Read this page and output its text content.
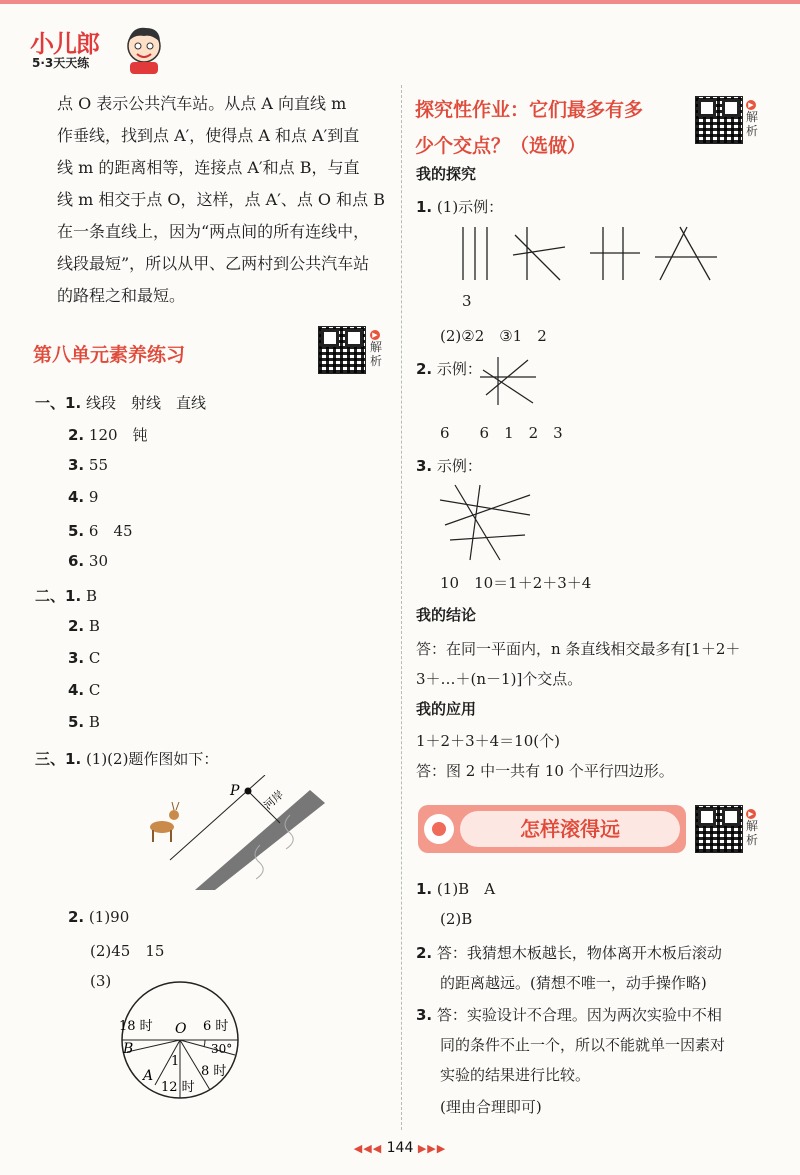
小儿郎
5·3天天练
点 O 表示公共汽车站。从点 A 向直线 m
作垂线，找到点 A′，使得点 A 和点 A′到直
线 m 的距离相等，连接点 A′和点 B，与直
线 m 相交于点 O，这样，点 A′、点 O 和点 B
在一条直线上，因为“两点间的所有连线中，
线段最短”，所以从甲、乙两村到公共汽车站
的路程之和最短。
第八单元素养练习
▶解析
一、1. 线段　射线　直线
2. 120　钝
3. 55
4. 9
5. 6　45
6. 30
二、1. B
2. B
3. C
4. C
5. B
三、1. (1)(2)题作图如下：
P 河岸
2. (1)90
(2)45　15
(3)
18 时 O 6 时
B	30°
A
1
8 时
12 时
探究性作业：它们最多有多
少个交点？（选做）
▶解析
我的探究
1. (1)示例：
3
(2)②2　③1　2
2. 示例：
6　　6　1　2　3
3. 示例：
10　10＝1＋2＋3＋4
我的结论
答：在同一平面内，n 条直线相交最多有[1＋2＋
3＋…＋(n－1)]个交点。
我的应用
1＋2＋3＋4＝10(个)
答：图 2 中一共有 10 个平行四边形。
怎样滚得远
▶解析
1. (1)B　A
(2)B
2. 答：我猜想木板越长，物体离开木板后滚动
的距离越远。(猜想不唯一，动手操作略)
3. 答：实验设计不合理。因为两次实验中不相
同的条件不止一个，所以不能就单一因素对
实验的结果进行比较。
(理由合理即可)
◀◀◀ 144 ▶▶▶
